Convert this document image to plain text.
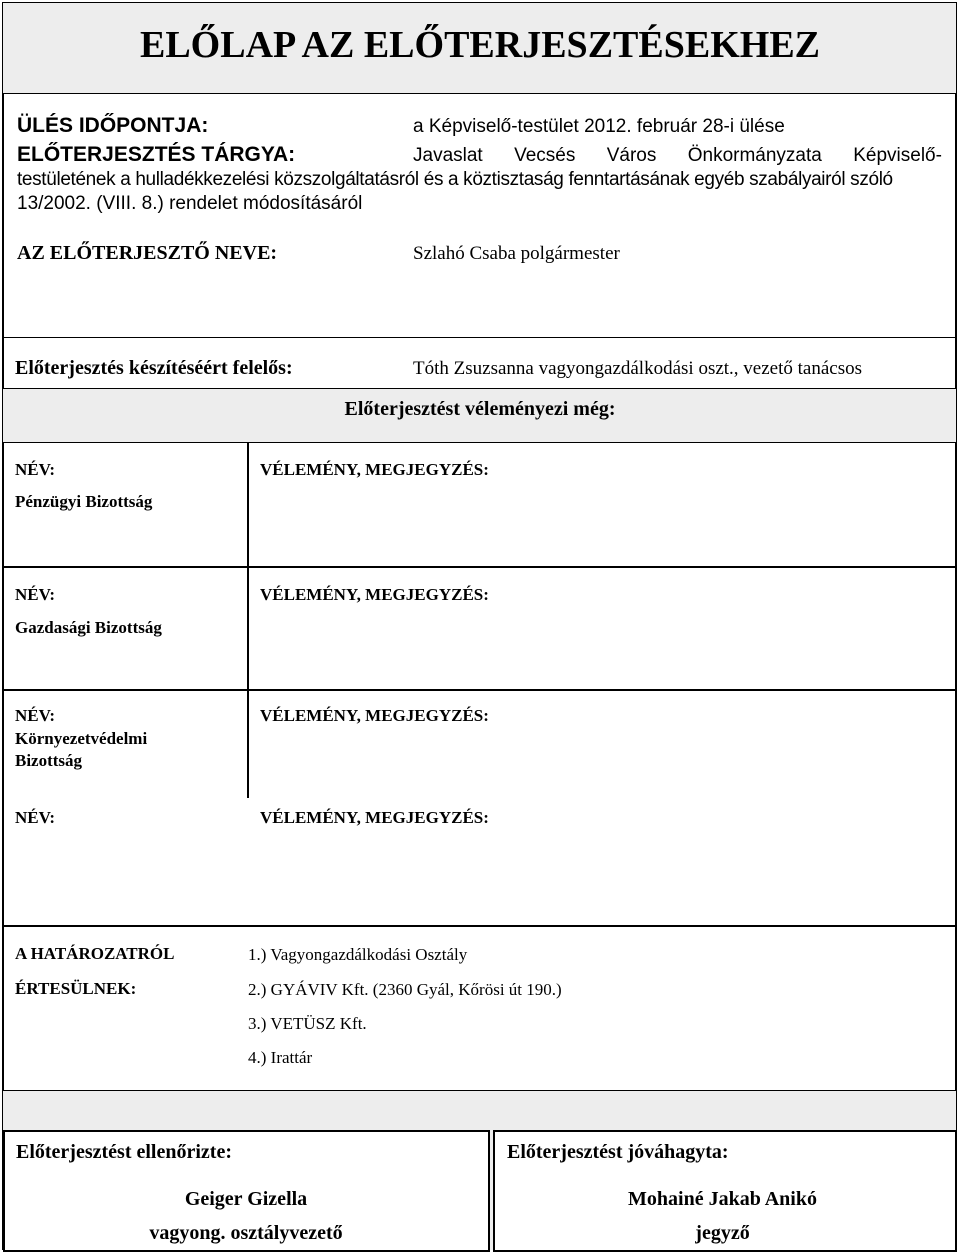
ELŐLAP AZ ELŐTERJESZTÉSEKHEZ
ÜLÉS IDŐPONTJA:	a Képviselő-testület 2012. február 28-i ülése
ELŐTERJESZTÉS TÁRGYA:	Javaslat Vecsés Város Önkormányzata Képviselő-
testületének a hulladékkezelési közszolgáltatásról és a köztisztaság fenntartásának egyéb szabályairól szóló
13/2002. (VIII. 8.) rendelet módosításáról
AZ ELŐTERJESZTŐ NEVE:	Szlahó Csaba polgármester
Előterjesztés készítéséért felelős:	Tóth Zsuzsanna vagyongazdálkodási oszt., vezető tanácsos
Előterjesztést véleményezi még:
NÉV:
Pénzügyi Bizottság
VÉLEMÉNY, MEGJEGYZÉS:
NÉV:
Gazdasági Bizottság
VÉLEMÉNY, MEGJEGYZÉS:
NÉV:
Környezetvédelmi
Bizottság
VÉLEMÉNY, MEGJEGYZÉS:
NÉV:	VÉLEMÉNY, MEGJEGYZÉS:
A HATÁROZATRÓL
ÉRTESÜLNEK:
1.) Vagyongazdálkodási Osztály
2.) GYÁVIV Kft. (2360 Gyál, Kőrösi út 190.)
3.) VETÜSZ Kft.
4.) Irattár
Előterjesztést ellenőrizte:
Geiger Gizella
vagyong. osztályvezető
Előterjesztést jóváhagyta:
Mohainé Jakab Anikó
jegyző
